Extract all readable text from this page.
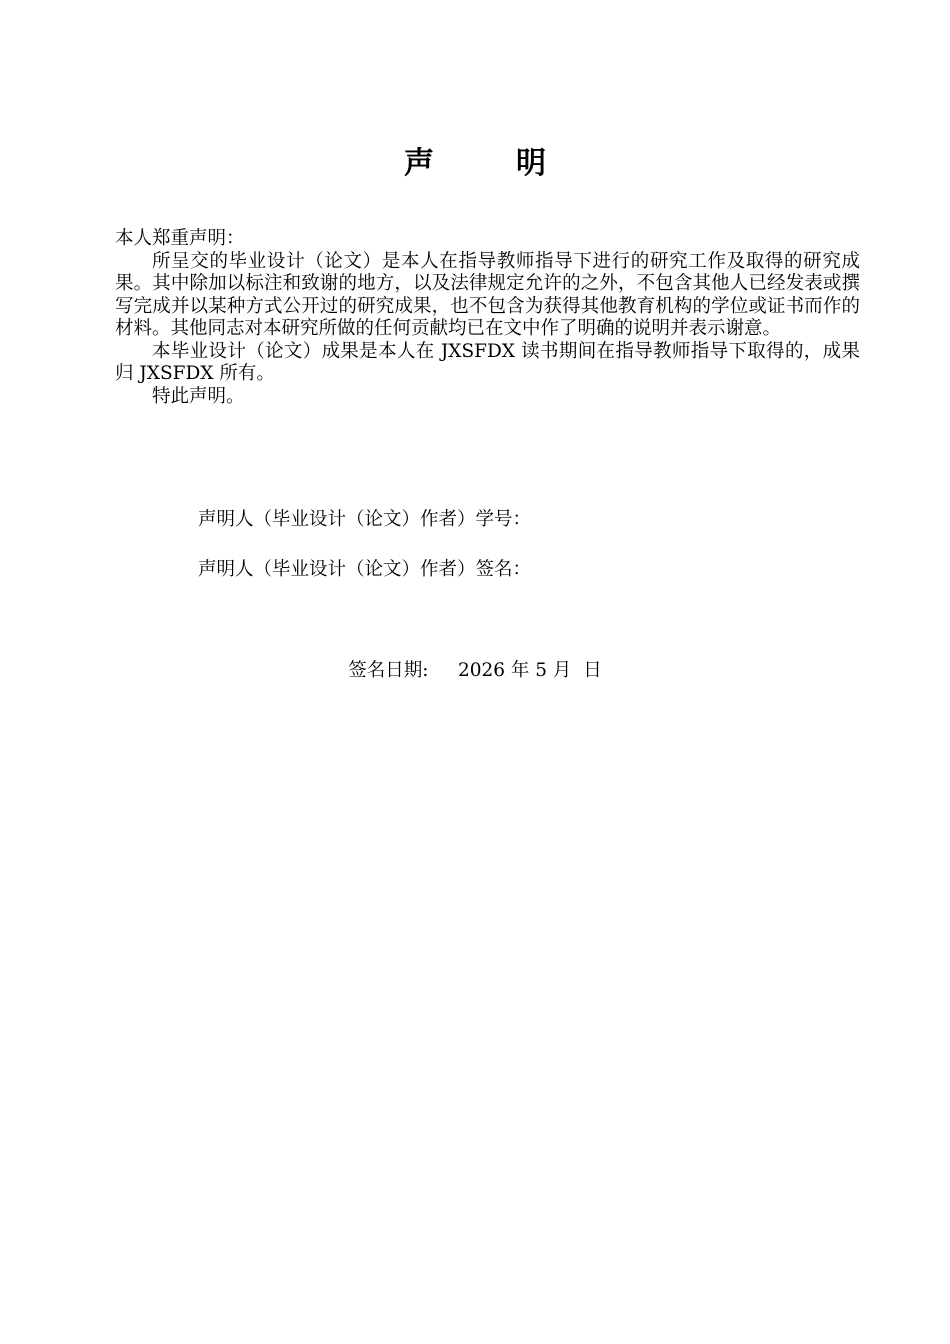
声明

本人郑重声明：

所呈交的毕业设计（论文）是本人在指导教师指导下进行的研究工作及取得的研究成果。其中除加以标注和致谢的地方，以及法律规定允许的之外，不包含其他人已经发表或撰写完成并以某种方式公开过的研究成果，也不包含为获得其他教育机构的学位或证书而作的材料。其他同志对本研究所做的任何贡献均已在文中作了明确的说明并表示谢意。

本毕业设计（论文）成果是本人在 JXSFDX 读书期间在指导教师指导下取得的，成果归 JXSFDX 所有。

特此声明。

声明人（毕业设计（论文）作者）学号：
声明人（毕业设计（论文）作者）签名：
签名日期: 2026 年 5 月  日
